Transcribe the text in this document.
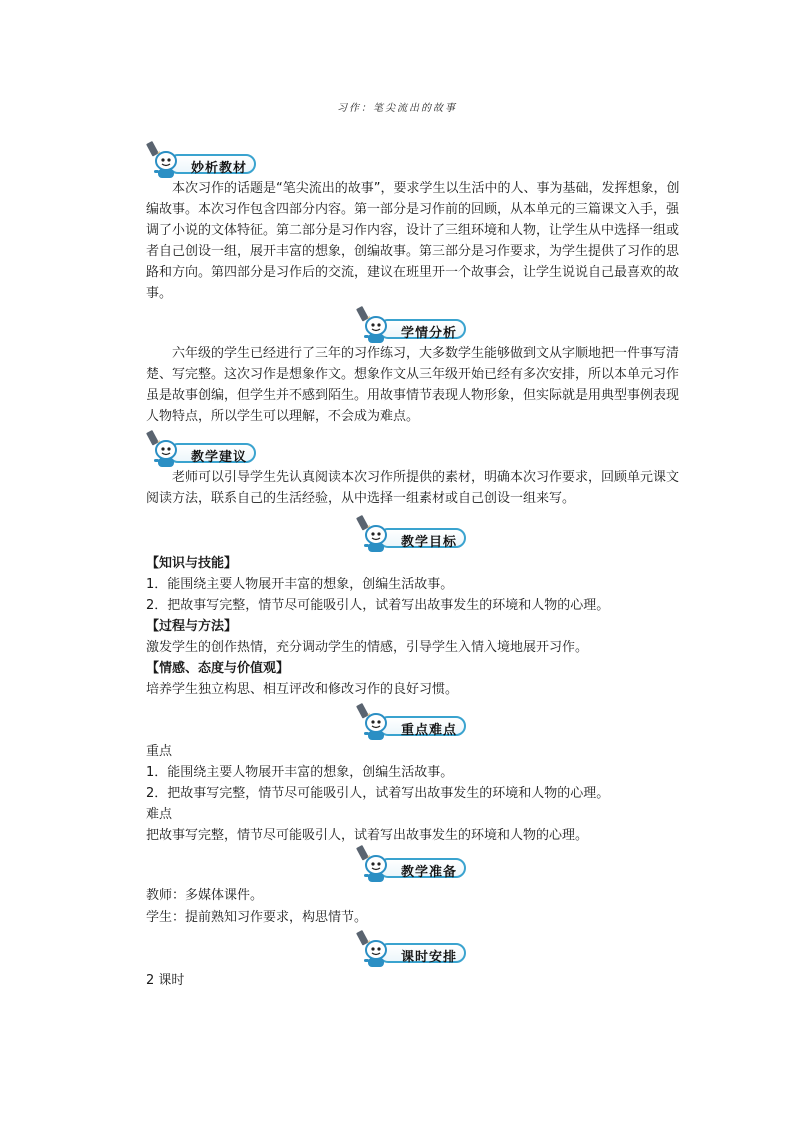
习作：笔尖流出的故事
妙析教材
本次习作的话题是“笔尖流出的故事”，要求学生以生活中的人、事为基础，发挥想象，创编故事。本次习作包含四部分内容。第一部分是习作前的回顾，从本单元的三篇课文入手，强调了小说的文体特征。第二部分是习作内容，设计了三组环境和人物，让学生从中选择一组或者自己创设一组，展开丰富的想象，创编故事。第三部分是习作要求，为学生提供了习作的思路和方向。第四部分是习作后的交流，建议在班里开一个故事会，让学生说说自己最喜欢的故事。
学情分析
六年级的学生已经进行了三年的习作练习，大多数学生能够做到文从字顺地把一件事写清楚、写完整。这次习作是想象作文。想象作文从三年级开始已经有多次安排，所以本单元习作虽是故事创编，但学生并不感到陌生。用故事情节表现人物形象，但实际就是用典型事例表现人物特点，所以学生可以理解，不会成为难点。
教学建议
老师可以引导学生先认真阅读本次习作所提供的素材，明确本次习作要求，回顾单元课文阅读方法，联系自己的生活经验，从中选择一组素材或自己创设一组来写。
教学目标
【知识与技能】
1．能围绕主要人物展开丰富的想象，创编生活故事。
2．把故事写完整，情节尽可能吸引人，试着写出故事发生的环境和人物的心理。
【过程与方法】
激发学生的创作热情，充分调动学生的情感，引导学生入情入境地展开习作。
【情感、态度与价值观】
培养学生独立构思、相互评改和修改习作的良好习惯。
重点难点
重点
1．能围绕主要人物展开丰富的想象，创编生活故事。
2．把故事写完整，情节尽可能吸引人，试着写出故事发生的环境和人物的心理。
难点
把故事写完整，情节尽可能吸引人，试着写出故事发生的环境和人物的心理。
教学准备
教师：多媒体课件。
学生：提前熟知习作要求，构思情节。
课时安排
2 课时
